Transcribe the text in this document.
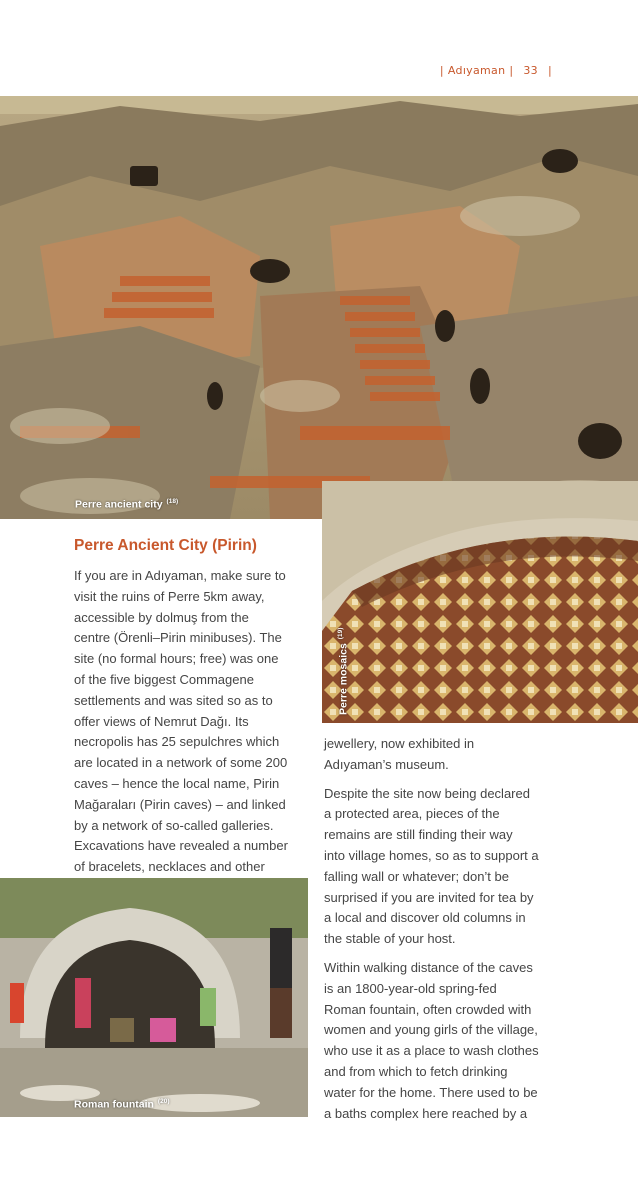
| Adıyaman | 33 |
Perre ancient city $^{(18)}$
Perre mosaics$^{(19)}$
Roman fountain $^{(20)}$
Perre Ancient City (Pirin)

If you are in Adıyaman, make sure to
visit the ruins of Perre 5km away,
accessible by dolmuş from the
centre (Örenli–Pirin minibuses). The
site (no formal hours; free) was one
of the five biggest Commagene
settlements and was sited so as to
offer views of Nemrut Dağı. Its
necropolis has 25 sepulchres which
are located in a network of some 200
caves – hence the local name, Pirin
Mağaraları (Pirin caves) – and linked
by a network of so-called galleries.
Excavations have revealed a number
of bracelets, necklaces and other

jewellery, now exhibited in
Adıyaman’s museum.

Despite the site now being declared
a protected area, pieces of the
remains are still finding their way
into village homes, so as to support a
falling wall or whatever; don’t be
surprised if you are invited for tea by
a local and discover old columns in
the stable of your host.

Within walking distance of the caves
is an 1800-year-old spring-fed
Roman fountain, often crowded with
women and young girls of the village,
who use it as a place to wash clothes
and from which to fetch drinking
water for the home. There used to be
a baths complex here reached by a
